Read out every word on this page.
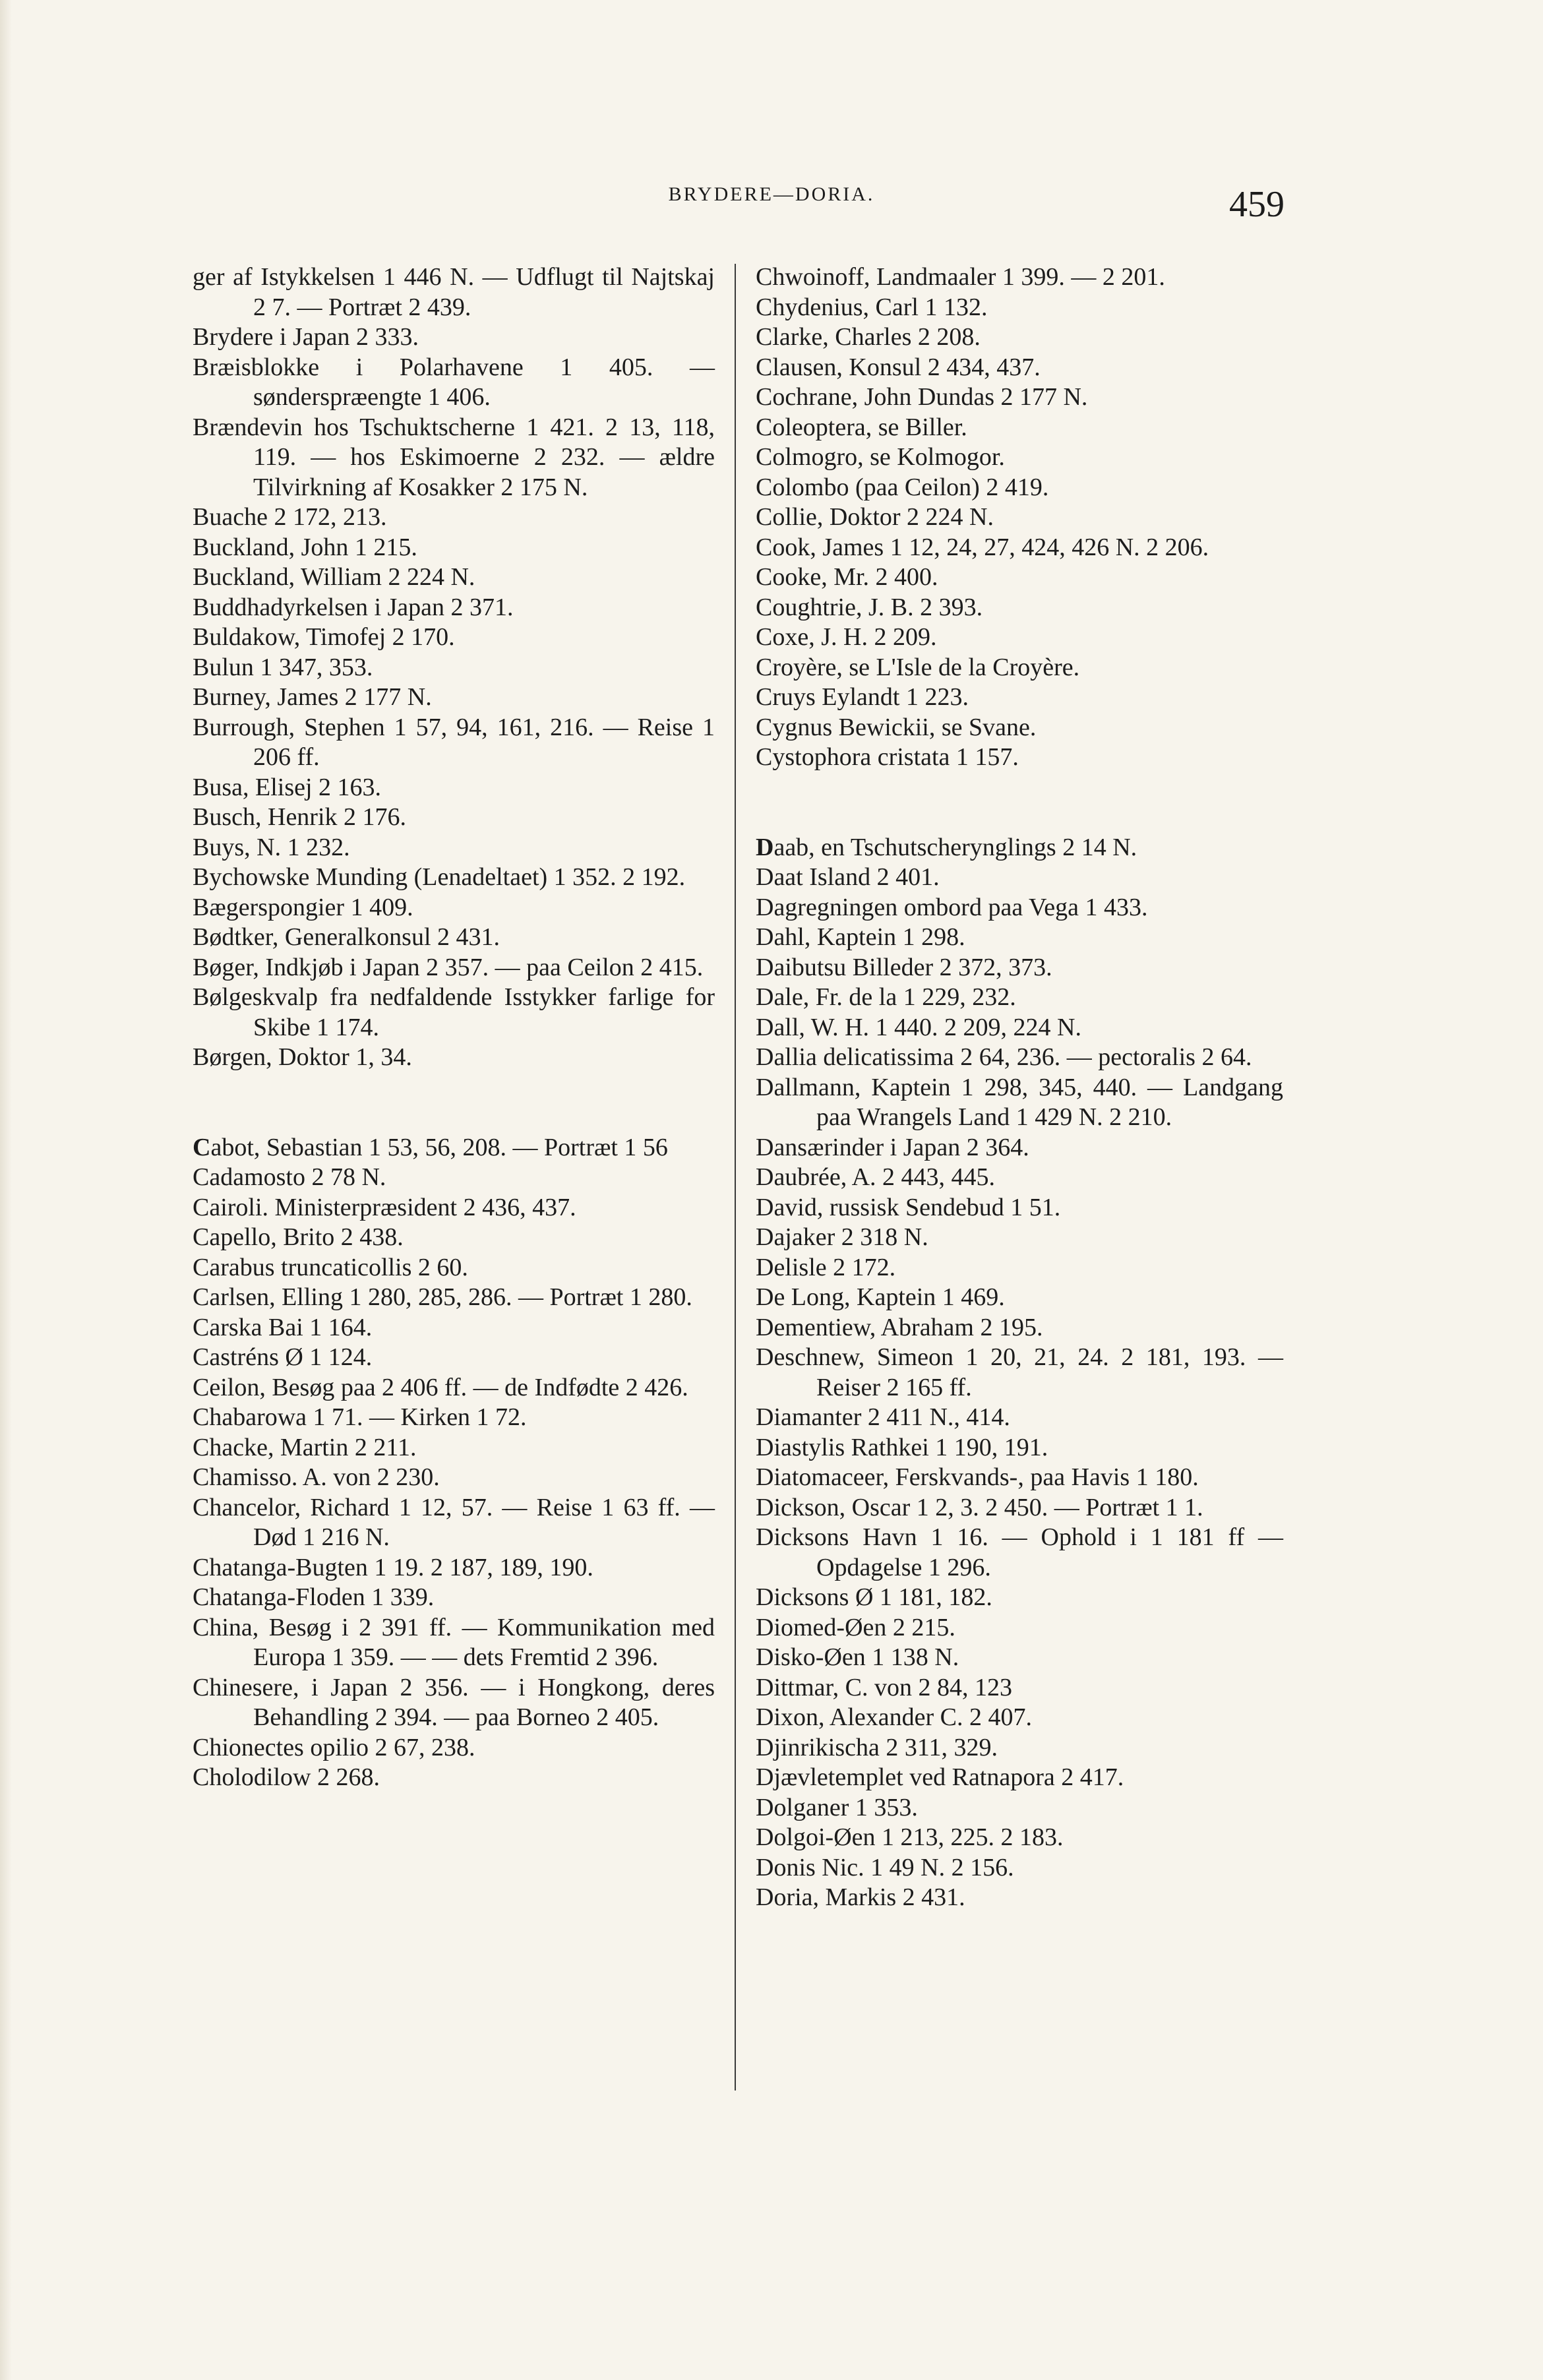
BRYDERE—DORIA.	459

ger af Istykkelsen 1 446 N. — Udflugt til Najtskaj 2 7. — Portræt 2 439.

Brydere i Japan 2 333.

Bræisblokke i Polarhavene 1 405. — sønderspræengte 1 406.

Brændevin hos Tschuktscherne 1 421. 2 13, 118, 119. — hos Eskimoerne 2 232. — ældre Tilvirkning af Kosakker 2 175 N.

Buache 2 172, 213.

Buckland, John 1 215.

Buckland, William 2 224 N.

Buddhadyrkelsen i Japan 2 371.

Buldakow, Timofej 2 170.

Bulun 1 347, 353.

Burney, James 2 177 N.

Burrough, Stephen 1 57, 94, 161, 216. — Reise 1 206 ff.

Busa, Elisej 2 163.

Busch, Henrik 2 176.

Buys, N. 1 232.

Bychowske Munding (Lenadeltaet) 1 352. 2 192.

Bægerspongier 1 409.

Bødtker, Generalkonsul 2 431.

Bøger, Indkjøb i Japan 2 357. — paa Ceilon 2 415.

Bølgeskvalp fra nedfaldende Isstykker farlige for Skibe 1 174.

Børgen, Doktor 1, 34.

Cabot, Sebastian 1 53, 56, 208. — Portræt 1 56

Cadamosto 2 78 N.

Cairoli. Ministerpræsident 2 436, 437.

Capello, Brito 2 438.

Carabus truncaticollis 2 60.

Carlsen, Elling 1 280, 285, 286. — Portræt 1 280.

Carska Bai 1 164.

Castréns Ø 1 124.

Ceilon, Besøg paa 2 406 ff. — de Indfødte 2 426.

Chabarowa 1 71. — Kirken 1 72.

Chacke, Martin 2 211.

Chamisso. A. von 2 230.

Chancelor, Richard 1 12, 57. — Reise 1 63 ff. — Død 1 216 N.

Chatanga-Bugten 1 19. 2 187, 189, 190.

Chatanga-Floden 1 339.

China, Besøg i 2 391 ff. — Kommunikation med Europa 1 359. — — dets Fremtid 2 396.

Chinesere, i Japan 2 356. — i Hongkong, deres Behandling 2 394. — paa Borneo 2 405.

Chionectes opilio 2 67, 238.

Cholodilow 2 268.

Chwoinoff, Landmaaler 1 399. — 2 201.

Chydenius, Carl 1 132.

Clarke, Charles 2 208.

Clausen, Konsul 2 434, 437.

Cochrane, John Dundas 2 177 N.

Coleoptera, se Biller.

Colmogro, se Kolmogor.

Colombo (paa Ceilon) 2 419.

Collie, Doktor 2 224 N.

Cook, James 1 12, 24, 27, 424, 426 N. 2 206.

Cooke, Mr. 2 400.

Coughtrie, J. B. 2 393.

Coxe, J. H. 2 209.

Croyère, se L'Isle de la Croyère.

Cruys Eylandt 1 223.

Cygnus Bewickii, se Svane.

Cystophora cristata 1 157.

Daab, en Tschutscherynglings 2 14 N.

Daat Island 2 401.

Dagregningen ombord paa Vega 1 433.

Dahl, Kaptein 1 298.

Daibutsu Billeder 2 372, 373.

Dale, Fr. de la 1 229, 232.

Dall, W. H. 1 440. 2 209, 224 N.

Dallia delicatissima 2 64, 236. — pectoralis 2 64.

Dallmann, Kaptein 1 298, 345, 440. — Landgang paa Wrangels Land 1 429 N. 2 210.

Dansærinder i Japan 2 364.

Daubrée, A. 2 443, 445.

David, russisk Sendebud 1 51.

Dajaker 2 318 N.

Delisle 2 172.

De Long, Kaptein 1 469.

Dementiew, Abraham 2 195.

Deschnew, Simeon 1 20, 21, 24. 2 181, 193. — Reiser 2 165 ff.

Diamanter 2 411 N., 414.

Diastylis Rathkei 1 190, 191.

Diatomaceer, Ferskvands-, paa Havis 1 180.

Dickson, Oscar 1 2, 3. 2 450. — Portræt 1 1.

Dicksons Havn 1 16. — Ophold i 1 181 ff — Opdagelse 1 296.

Dicksons Ø 1 181, 182.

Diomed-Øen 2 215.

Disko-Øen 1 138 N.

Dittmar, C. von 2 84, 123

Dixon, Alexander C. 2 407.

Djinrikischa 2 311, 329.

Djævletemplet ved Ratnapora 2 417.

Dolganer 1 353.

Dolgoi-Øen 1 213, 225. 2 183.

Donis Nic. 1 49 N. 2 156.

Doria, Markis 2 431.
